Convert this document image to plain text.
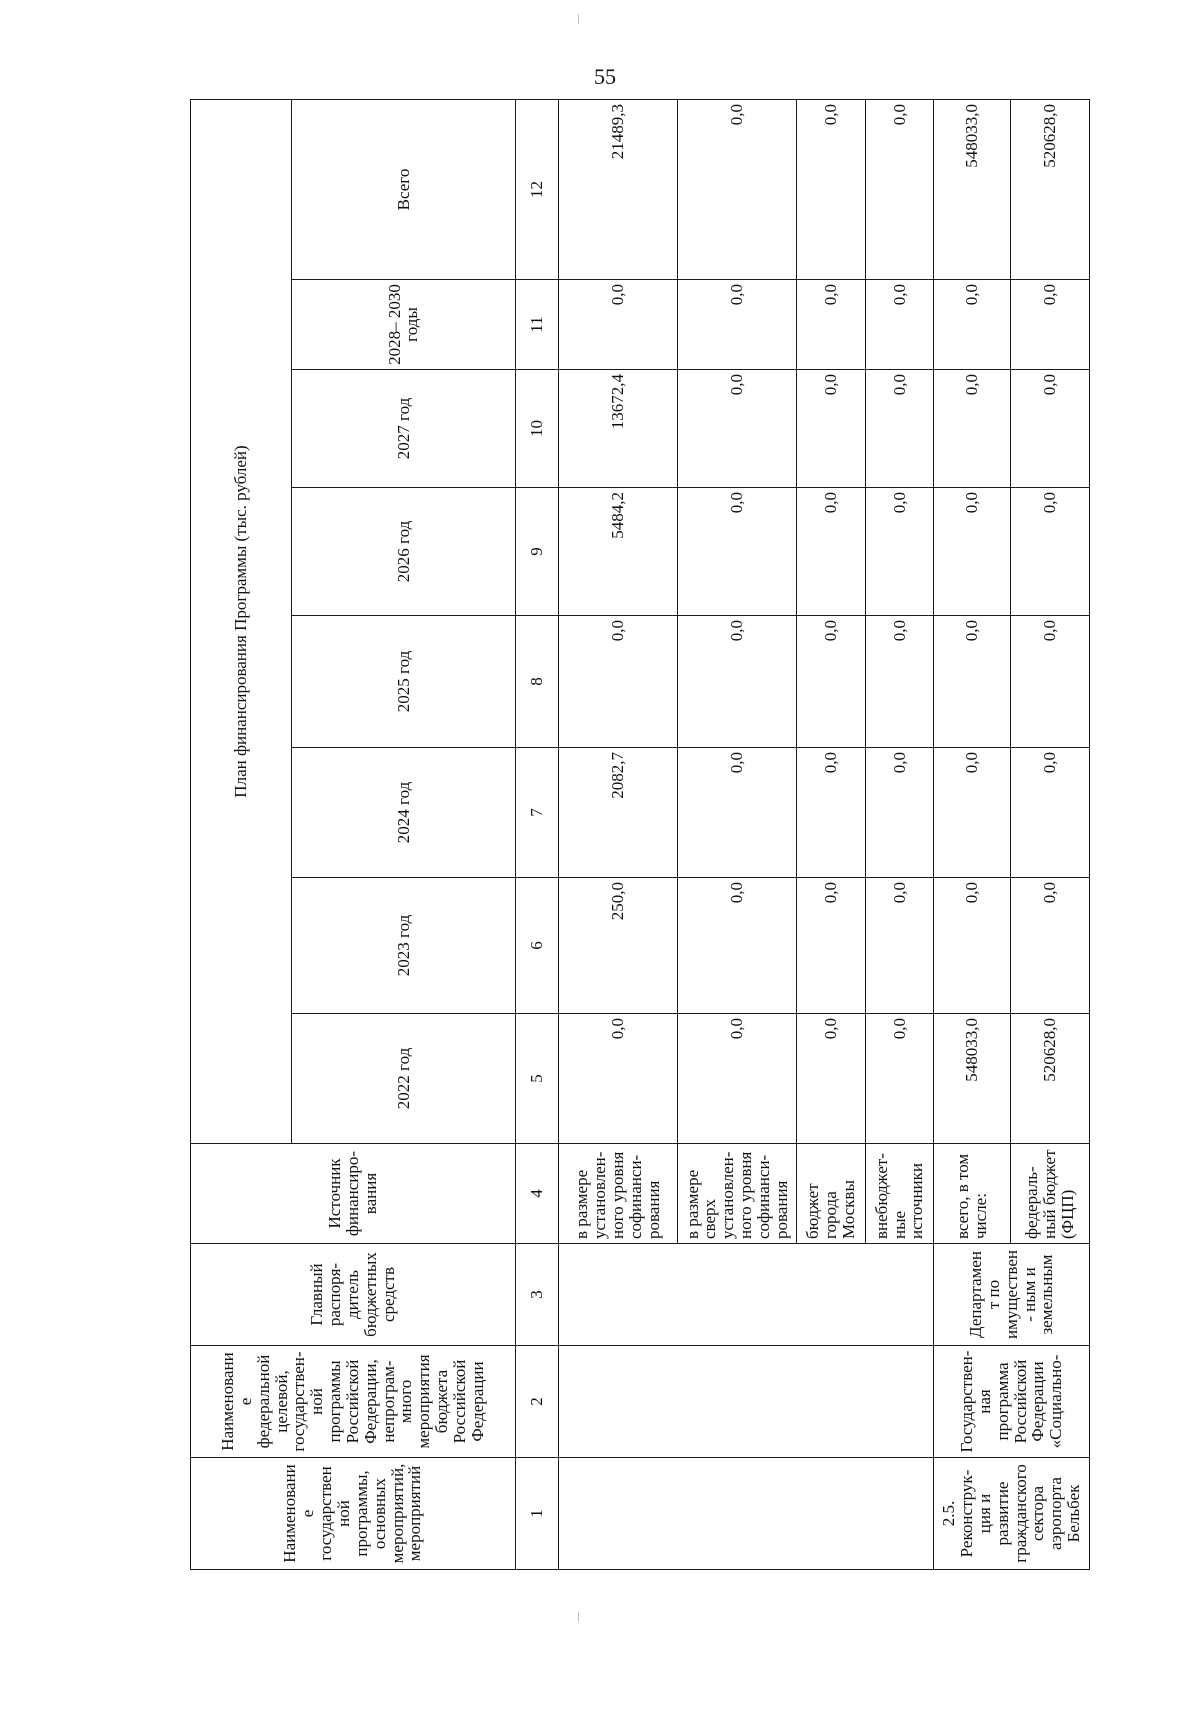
55
Наименование государственной программы, основных мероприятий, мерoприятий	Наименование федеральной целевой, государствен- ной программы Российской Федерации, непрограм- много мероприятия бюджета Российской Федерации	Главный распоря- дитель бюджетных средств	Источник финансиро- вания	План финансирования Программы (тыс. рублей)							
				2022 год	2023 год	2024 год	2025 год	2026 год	2027 год	2028– 2030 годы	Всего
1	2	3	4	5	6	7	8	9	10	11	12
			в размере установлен- ного уровня софинанси- рования	0,0	250,0	2082,7	0,0	5484,2	13672,4	0,0	21489,3
			в размере сверх установлен- ного уровня софинанси- рования	0,0	0,0	0,0	0,0	0,0	0,0	0,0	0,0
			бюджет города Москвы	0,0	0,0	0,0	0,0	0,0	0,0	0,0	0,0
			внебюджет- ные источники	0,0	0,0	0,0	0,0	0,0	0,0	0,0	0,0
2.5. Реконструк- ция и развитие гражданского сектора аэропорта Бельбек	Государствен- ная программа Российской Федерации «Социально-	Департамент по имуществен- ным и земельным	всего, в том числе:	548033,0	0,0	0,0	0,0	0,0	0,0	0,0	548033,0
			федераль- ный бюджет (ФЦП)	520628,0	0,0	0,0	0,0	0,0	0,0	0,0	520628,0
